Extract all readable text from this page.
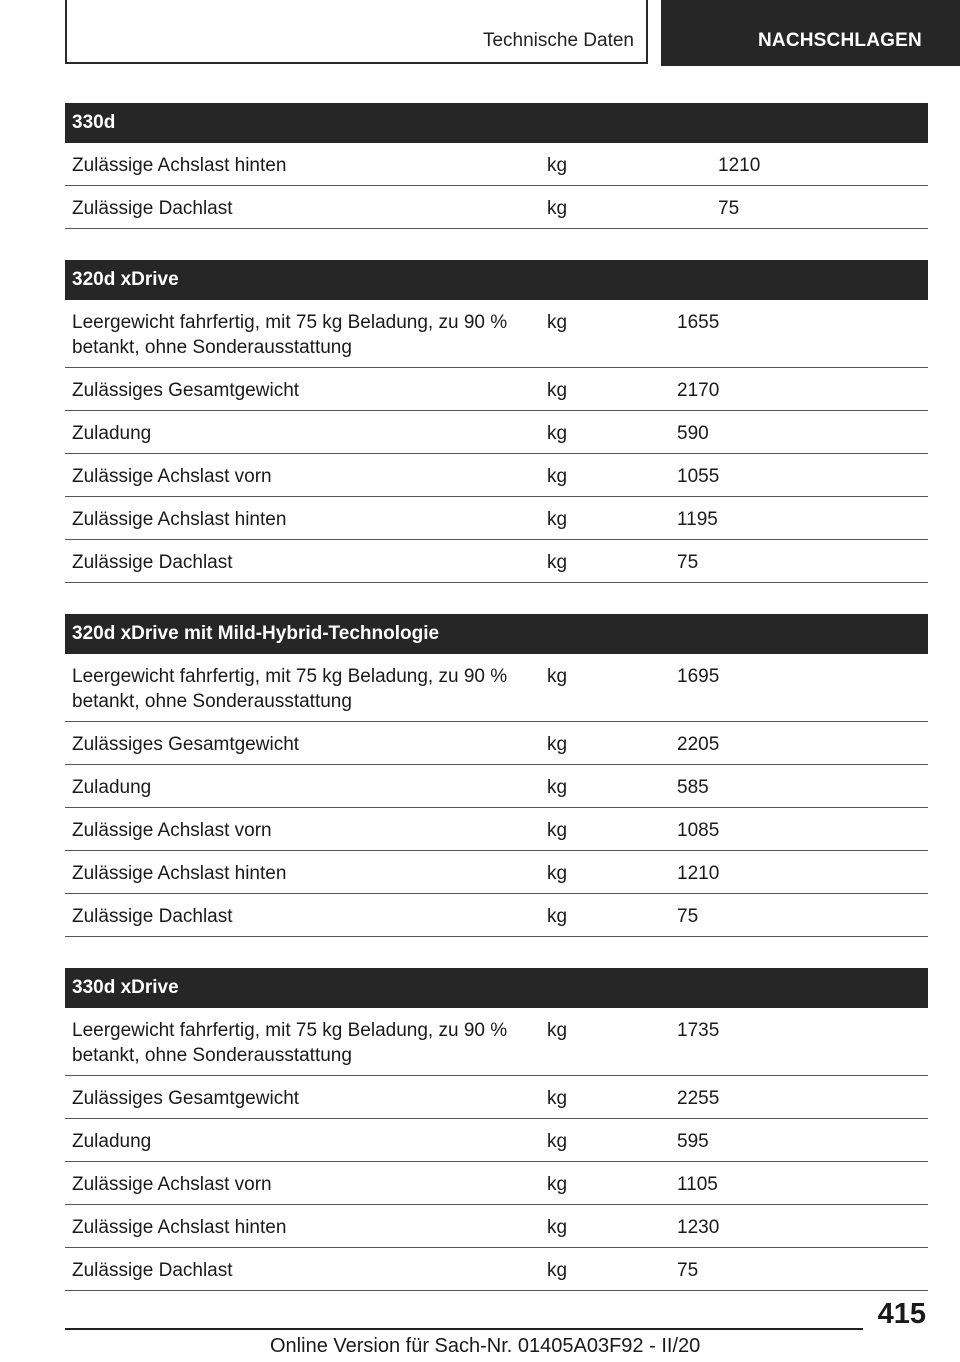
Technische Daten	NACHSCHLAGEN
330d		
Zulässige Achslast hinten	kg	1210
Zulässige Dachlast	kg	75
320d xDrive		
Leergewicht fahrfertig, mit 75 kg Beladung, zu 90 % betankt, ohne Sonderausstattung	kg	1655
Zulässiges Gesamtgewicht	kg	2170
Zuladung	kg	590
Zulässige Achslast vorn	kg	1055
Zulässige Achslast hinten	kg	1195
Zulässige Dachlast	kg	75
320d xDrive mit Mild-Hybrid-Technologie		
Leergewicht fahrfertig, mit 75 kg Beladung, zu 90 % betankt, ohne Sonderausstattung	kg	1695
Zulässiges Gesamtgewicht	kg	2205
Zuladung	kg	585
Zulässige Achslast vorn	kg	1085
Zulässige Achslast hinten	kg	1210
Zulässige Dachlast	kg	75
330d xDrive		
Leergewicht fahrfertig, mit 75 kg Beladung, zu 90 % betankt, ohne Sonderausstattung	kg	1735
Zulässiges Gesamtgewicht	kg	2255
Zuladung	kg	595
Zulässige Achslast vorn	kg	1105
Zulässige Achslast hinten	kg	1230
Zulässige Dachlast	kg	75
415
Online Version für Sach-Nr. 01405A03F92 - II/20
